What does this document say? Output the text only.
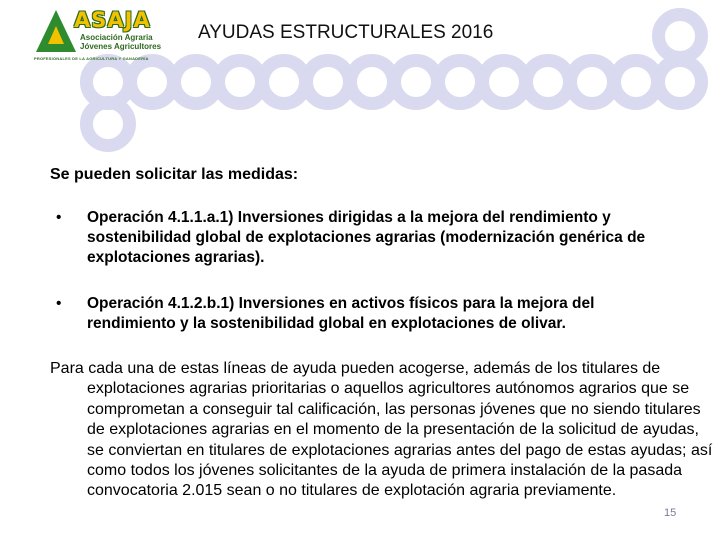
ASAJA
Asociación Agraria
Jóvenes Agricultores
PROFESIONALES DE LA AGRICULTURA Y GANADERÍA
AYUDAS ESTRUCTURALES 2016
Se pueden solicitar las medidas:
• Operación 4.1.1.a.1) Inversiones dirigidas a la mejora del rendimiento y sostenibilidad global de explotaciones agrarias (modernización genérica de explotaciones agrarias).
• Operación 4.1.2.b.1) Inversiones en activos físicos para la mejora del rendimiento y la sostenibilidad global en explotaciones de olivar.
Para cada una de estas líneas de ayuda pueden acogerse, además de los titulares de explotaciones agrarias prioritarias o aquellos agricultores autónomos agrarios que se comprometan a conseguir tal calificación, las personas jóvenes que no siendo titulares de explotaciones agrarias en el momento de la presentación de la solicitud de ayudas, se conviertan en titulares de explotaciones agrarias antes del pago de estas ayudas; así como todos los jóvenes solicitantes de la ayuda de primera instalación de la pasada convocatoria 2.015 sean o no titulares de explotación agraria previamente.
15
